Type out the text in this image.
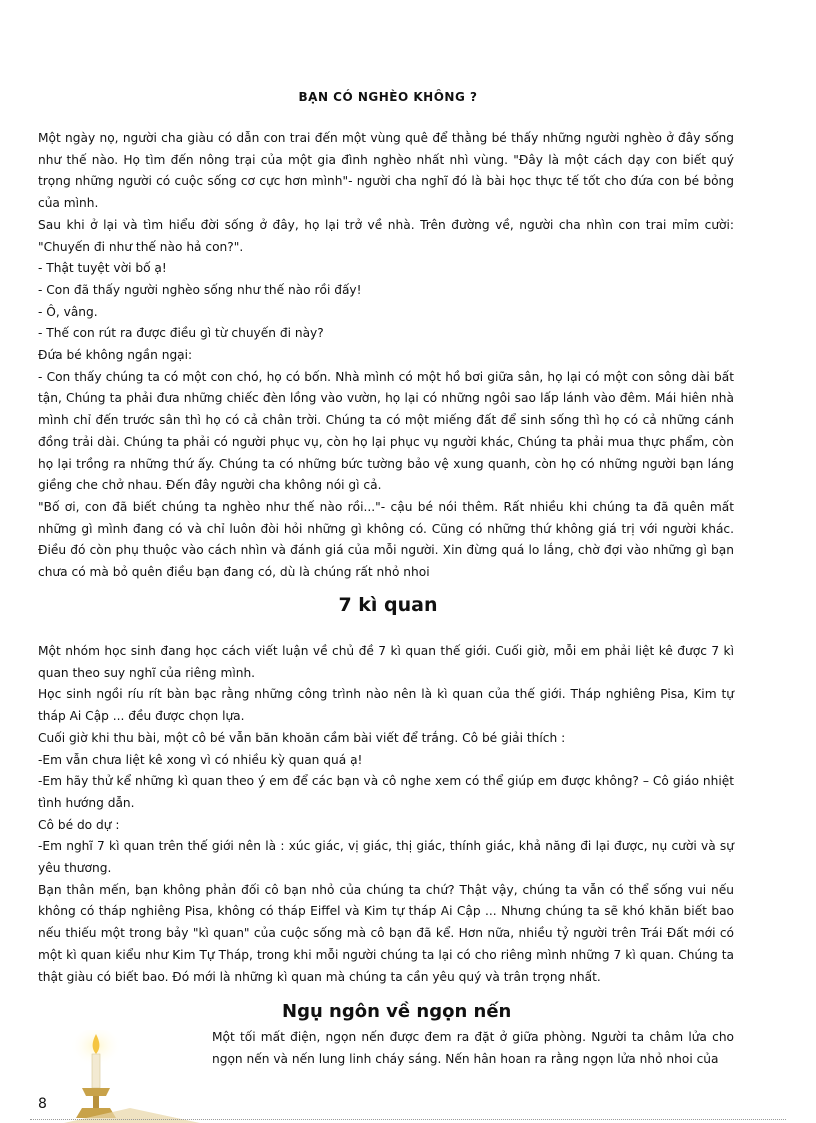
BẠN CÓ NGHÈO KHÔNG ?

Một ngày nọ, người cha giàu có dẫn con trai đến một vùng quê để thằng bé thấy những người nghèo ở đây sống như thế nào. Họ tìm đến nông trại của một gia đình nghèo nhất nhì vùng. "Đây là một cách dạy con biết quý trọng những người có cuộc sống cơ cực hơn mình"- người cha nghĩ đó là bài học thực tế tốt cho đứa con bé bỏng của mình.

Sau khi ở lại và tìm hiểu đời sống ở đây, họ lại trở về nhà. Trên đường về, người cha nhìn con trai mỉm cười: "Chuyến đi như thế nào hả con?".

- Thật tuyệt vời bố ạ!

- Con đã thấy người nghèo sống như thế nào rồi đấy!

- Ô, vâng.

- Thế con rút ra được điều gì từ chuyến đi này?

Đứa bé không ngần ngại:

- Con thấy chúng ta có một con chó, họ có bốn. Nhà mình có một hồ bơi giữa sân, họ lại có một con sông dài bất tận, Chúng ta phải đưa những chiếc đèn lồng vào vườn, họ lại có những ngôi sao lấp lánh vào đêm. Mái hiên nhà mình chỉ đến trước sân thì họ có cả chân trời. Chúng ta có một miếng đất để sinh sống thì họ có cả những cánh đồng trải dài. Chúng ta phải có người phục vụ, còn họ lại phục vụ người khác, Chúng ta phải mua thực phẩm, còn họ lại trồng ra những thứ ấy. Chúng ta có những bức tường bảo vệ xung quanh, còn họ có những người bạn láng giềng che chở nhau. Đến đây người cha không nói gì cả.

"Bố ơi, con đã biết chúng ta nghèo như thế nào rồi..."- cậu bé nói thêm. Rất nhiều khi chúng ta đã quên mất những gì mình đang có và chỉ luôn đòi hỏi những gì không có. Cũng có những thứ không giá trị với người khác. Điều đó còn phụ thuộc vào cách nhìn và đánh giá của mỗi người. Xin đừng quá lo lắng, chờ đợi vào những gì bạn chưa có mà bỏ quên điều bạn đang có, dù là chúng rất nhỏ nhoi

7 kì quan

Một nhóm học sinh đang học cách viết luận về chủ đề 7 kì quan thế giới. Cuối giờ, mỗi em phải liệt kê được 7 kì quan theo suy nghĩ của riêng mình.

Học sinh ngồi ríu rít bàn bạc rằng những công trình nào nên là kì quan của thế giới. Tháp nghiêng Pisa, Kim tự tháp Ai Cập ... đều được chọn lựa.

Cuối giờ khi thu bài, một cô bé vẫn băn khoăn cầm bài viết để trắng. Cô bé giải thích :

-Em vẫn chưa liệt kê xong vì có nhiều kỳ quan quá ạ!

-Em hãy thử kể những kì quan theo ý em để các bạn và cô nghe xem có thể giúp em được không? – Cô giáo nhiệt tình hướng dẫn.

Cô bé do dự :

-Em nghĩ 7 kì quan trên thế giới nên là : xúc giác, vị giác, thị giác, thính giác, khả năng đi lại được, nụ cười và sự yêu thương.

Bạn thân mến, bạn không phản đối cô bạn nhỏ của chúng ta chứ? Thật vậy, chúng ta vẫn có thể sống vui nếu không có tháp nghiêng Pisa, không có tháp Eiffel và Kim tự tháp Ai Cập ... Nhưng chúng ta sẽ khó khăn biết bao nếu thiếu một trong bảy "kì quan" của cuộc sống mà cô bạn đã kể. Hơn nữa, nhiều tỷ người trên Trái Đất mới có một kì quan kiểu như Kim Tự Tháp, trong khi mỗi người chúng ta lại có cho riêng mình những 7 kì quan. Chúng ta thật giàu có biết bao. Đó mới là những kì quan mà chúng ta cần yêu quý và trân trọng nhất.

Ngụ ngôn về ngọn nến

Một tối mất điện, ngọn nến được đem ra đặt ở giữa phòng. Người ta châm lửa cho ngọn nến và nến lung linh cháy sáng. Nến hân hoan ra rằng ngọn lửa nhỏ nhoi của

8
